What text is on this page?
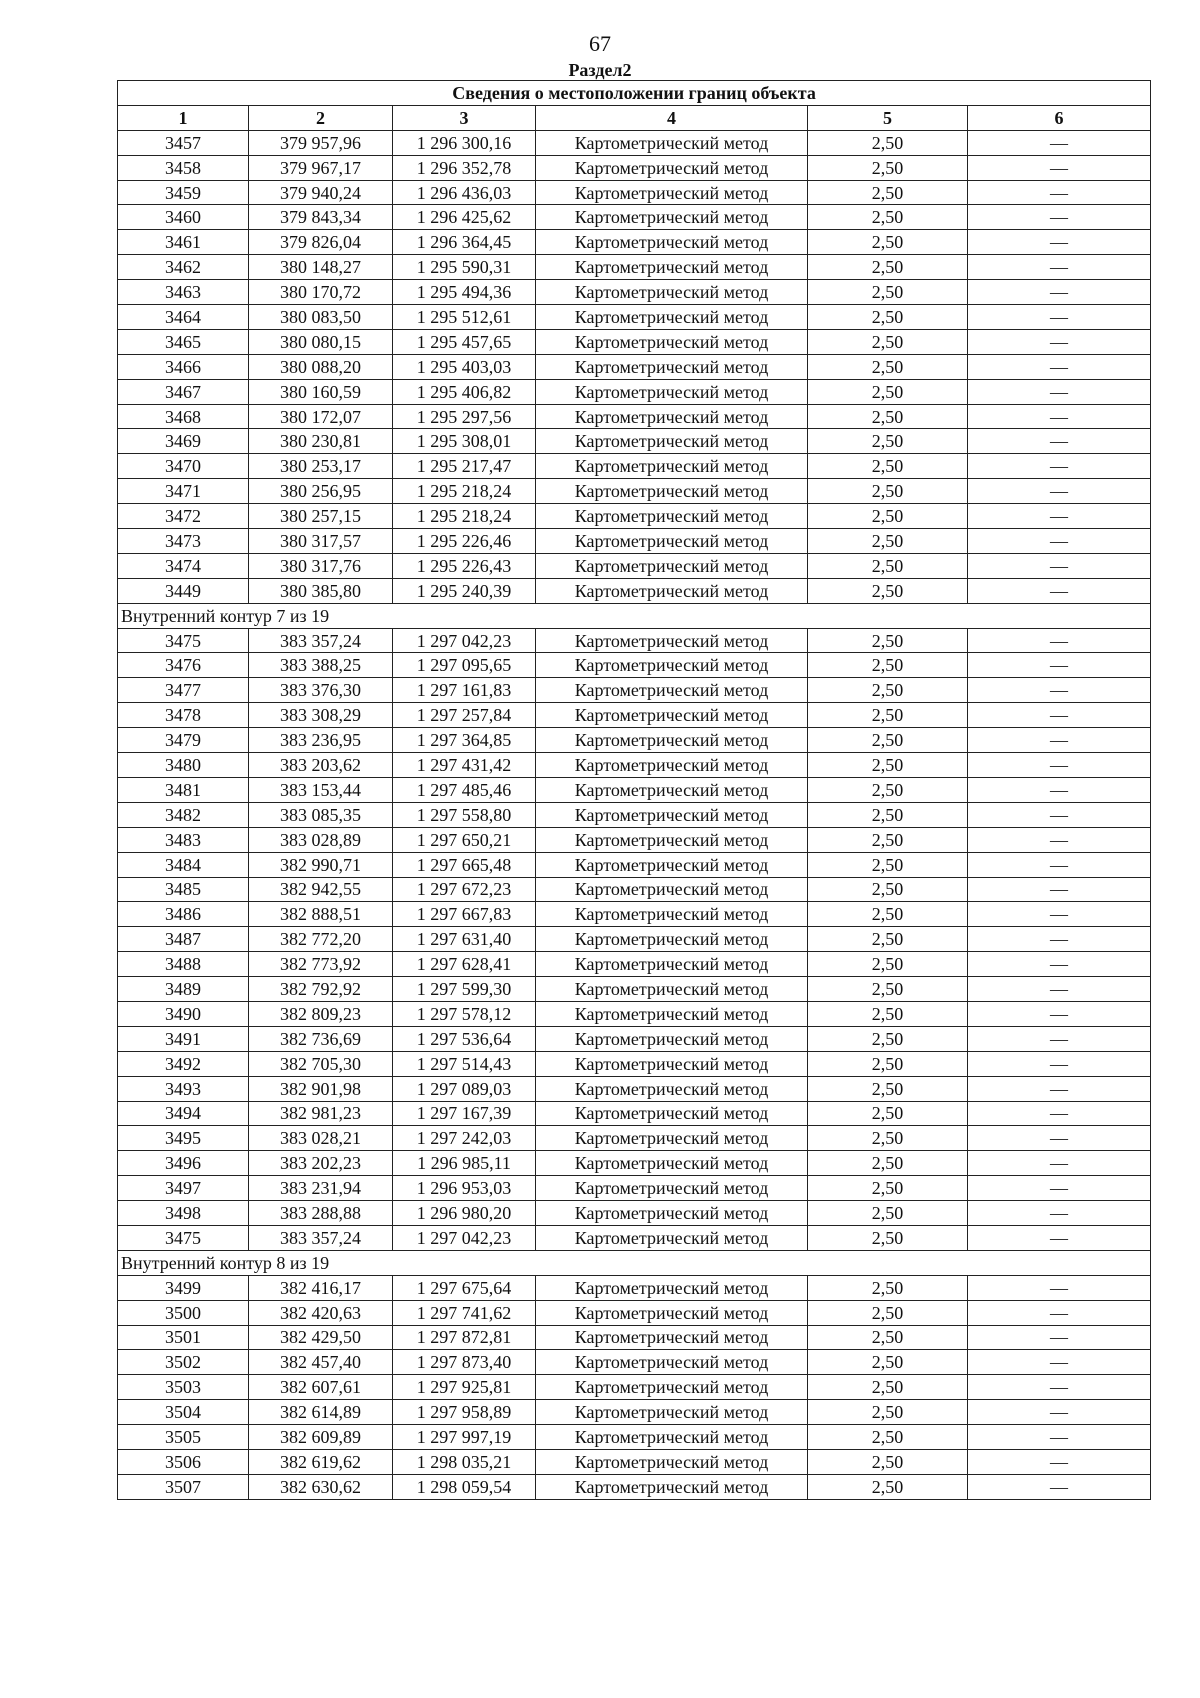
67
Раздел2
Сведения о местоположении границ объекта					
1	2	3	4	5	6
3457	379 957,96	1 296 300,16	Картометрический метод	2,50	—
3458	379 967,17	1 296 352,78	Картометрический метод	2,50	—
3459	379 940,24	1 296 436,03	Картометрический метод	2,50	—
3460	379 843,34	1 296 425,62	Картометрический метод	2,50	—
3461	379 826,04	1 296 364,45	Картометрический метод	2,50	—
3462	380 148,27	1 295 590,31	Картометрический метод	2,50	—
3463	380 170,72	1 295 494,36	Картометрический метод	2,50	—
3464	380 083,50	1 295 512,61	Картометрический метод	2,50	—
3465	380 080,15	1 295 457,65	Картометрический метод	2,50	—
3466	380 088,20	1 295 403,03	Картометрический метод	2,50	—
3467	380 160,59	1 295 406,82	Картометрический метод	2,50	—
3468	380 172,07	1 295 297,56	Картометрический метод	2,50	—
3469	380 230,81	1 295 308,01	Картометрический метод	2,50	—
3470	380 253,17	1 295 217,47	Картометрический метод	2,50	—
3471	380 256,95	1 295 218,24	Картометрический метод	2,50	—
3472	380 257,15	1 295 218,24	Картометрический метод	2,50	—
3473	380 317,57	1 295 226,46	Картометрический метод	2,50	—
3474	380 317,76	1 295 226,43	Картометрический метод	2,50	—
3449	380 385,80	1 295 240,39	Картометрический метод	2,50	—
Внутренний контур 7 из 19					
3475	383 357,24	1 297 042,23	Картометрический метод	2,50	—
3476	383 388,25	1 297 095,65	Картометрический метод	2,50	—
3477	383 376,30	1 297 161,83	Картометрический метод	2,50	—
3478	383 308,29	1 297 257,84	Картометрический метод	2,50	—
3479	383 236,95	1 297 364,85	Картометрический метод	2,50	—
3480	383 203,62	1 297 431,42	Картометрический метод	2,50	—
3481	383 153,44	1 297 485,46	Картометрический метод	2,50	—
3482	383 085,35	1 297 558,80	Картометрический метод	2,50	—
3483	383 028,89	1 297 650,21	Картометрический метод	2,50	—
3484	382 990,71	1 297 665,48	Картометрический метод	2,50	—
3485	382 942,55	1 297 672,23	Картометрический метод	2,50	—
3486	382 888,51	1 297 667,83	Картометрический метод	2,50	—
3487	382 772,20	1 297 631,40	Картометрический метод	2,50	—
3488	382 773,92	1 297 628,41	Картометрический метод	2,50	—
3489	382 792,92	1 297 599,30	Картометрический метод	2,50	—
3490	382 809,23	1 297 578,12	Картометрический метод	2,50	—
3491	382 736,69	1 297 536,64	Картометрический метод	2,50	—
3492	382 705,30	1 297 514,43	Картометрический метод	2,50	—
3493	382 901,98	1 297 089,03	Картометрический метод	2,50	—
3494	382 981,23	1 297 167,39	Картометрический метод	2,50	—
3495	383 028,21	1 297 242,03	Картометрический метод	2,50	—
3496	383 202,23	1 296 985,11	Картометрический метод	2,50	—
3497	383 231,94	1 296 953,03	Картометрический метод	2,50	—
3498	383 288,88	1 296 980,20	Картометрический метод	2,50	—
3475	383 357,24	1 297 042,23	Картометрический метод	2,50	—
Внутренний контур 8 из 19					
3499	382 416,17	1 297 675,64	Картометрический метод	2,50	—
3500	382 420,63	1 297 741,62	Картометрический метод	2,50	—
3501	382 429,50	1 297 872,81	Картометрический метод	2,50	—
3502	382 457,40	1 297 873,40	Картометрический метод	2,50	—
3503	382 607,61	1 297 925,81	Картометрический метод	2,50	—
3504	382 614,89	1 297 958,89	Картометрический метод	2,50	—
3505	382 609,89	1 297 997,19	Картометрический метод	2,50	—
3506	382 619,62	1 298 035,21	Картометрический метод	2,50	—
3507	382 630,62	1 298 059,54	Картометрический метод	2,50	—
